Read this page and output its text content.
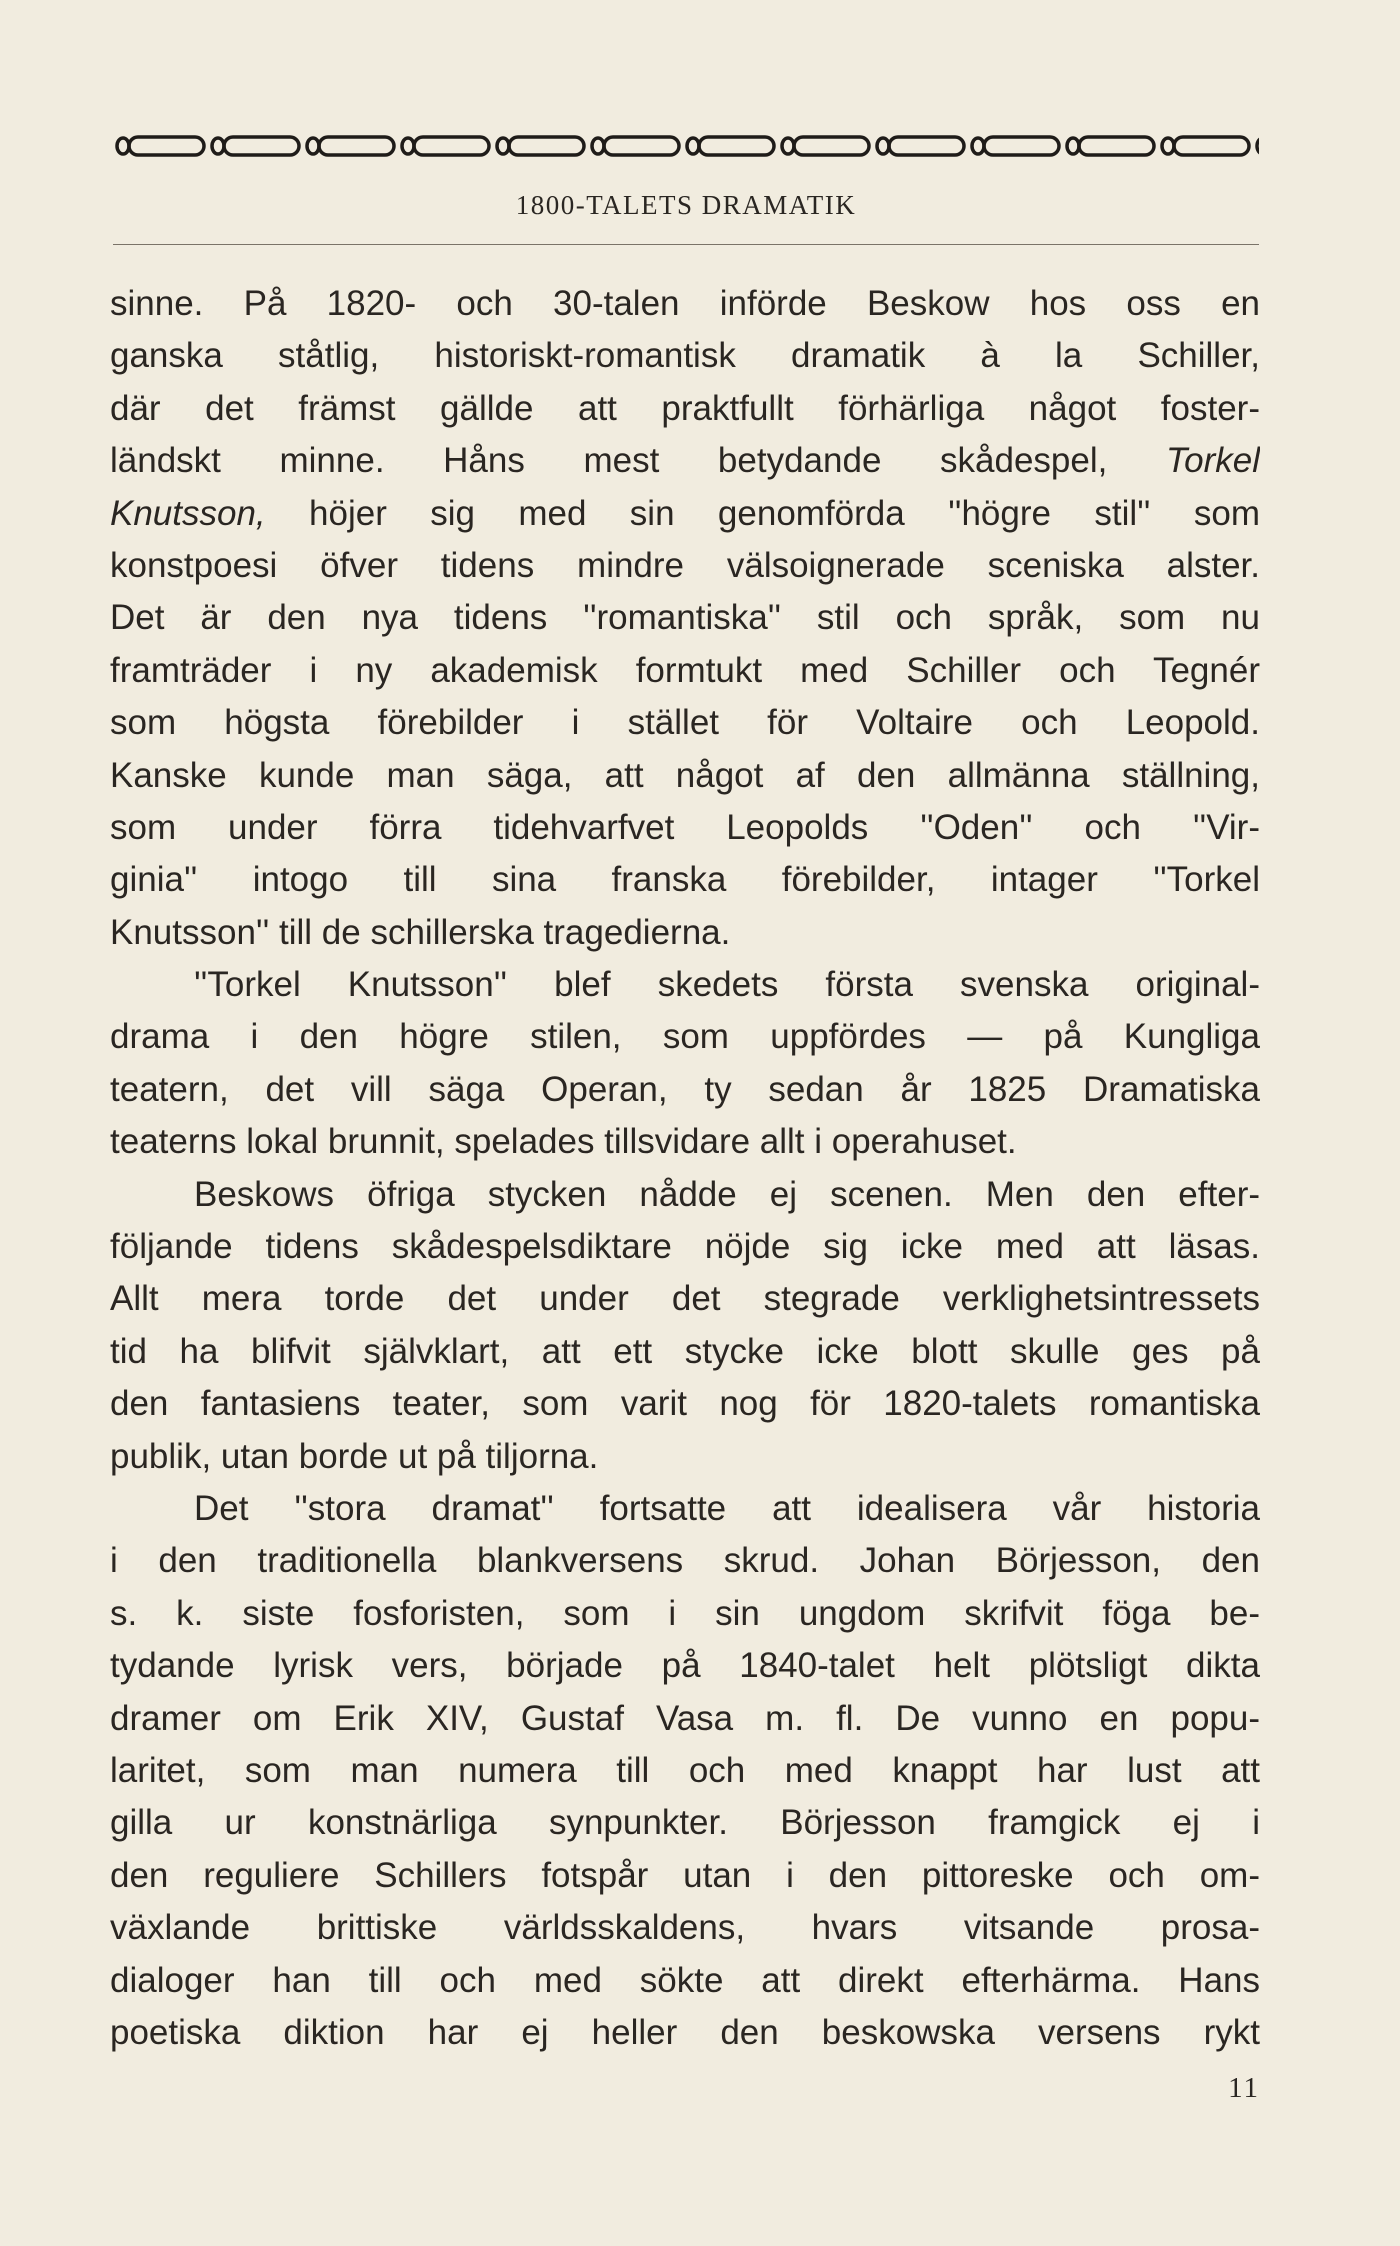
1800-TALETS DRAMATIK
sinne. På 1820- och 30-talen införde Beskow hos oss en
ganska ståtlig, historiskt-romantisk dramatik à la Schiller,
där det främst gällde att praktfullt förhärliga något foster-
ländskt minne. Håns mest betydande skådespel, Torkel
Knutsson, höjer sig med sin genomförda ''högre stil'' som
konstpoesi öfver tidens mindre välsoignerade sceniska alster.
Det är den nya tidens ''romantiska'' stil och språk, som nu
framträder i ny akademisk formtukt med Schiller och Tegnér
som högsta förebilder i stället för Voltaire och Leopold.
Kanske kunde man säga, att något af den allmänna ställning,
som under förra tidehvarfvet Leopolds ''Oden'' och ''Vir-
ginia'' intogo till sina franska förebilder, intager ''Torkel
Knutsson'' till de schillerska tragedierna.
''Torkel Knutsson'' blef skedets första svenska original-
drama i den högre stilen, som uppfördes — på Kungliga
teatern, det vill säga Operan, ty sedan år 1825 Dramatiska
teaterns lokal brunnit, spelades tillsvidare allt i operahuset.
Beskows öfriga stycken nådde ej scenen. Men den efter-
följande tidens skådespelsdiktare nöjde sig icke med att läsas.
Allt mera torde det under det stegrade verklighetsintressets
tid ha blifvit självklart, att ett stycke icke blott skulle ges på
den fantasiens teater, som varit nog för 1820-talets romantiska
publik, utan borde ut på tiljorna.
Det ''stora dramat'' fortsatte att idealisera vår historia
i den traditionella blankversens skrud. Johan Börjesson, den
s. k. siste fosforisten, som i sin ungdom skrifvit föga be-
tydande lyrisk vers, började på 1840-talet helt plötsligt dikta
dramer om Erik XIV, Gustaf Vasa m. fl. De vunno en popu-
laritet, som man numera till och med knappt har lust att
gilla ur konstnärliga synpunkter. Börjesson framgick ej i
den reguliere Schillers fotspår utan i den pittoreske och om-
växlande brittiske världsskaldens, hvars vitsande prosa-
dialoger han till och med sökte att direkt efterhärma. Hans
poetiska diktion har ej heller den beskowska versens rykt
11
